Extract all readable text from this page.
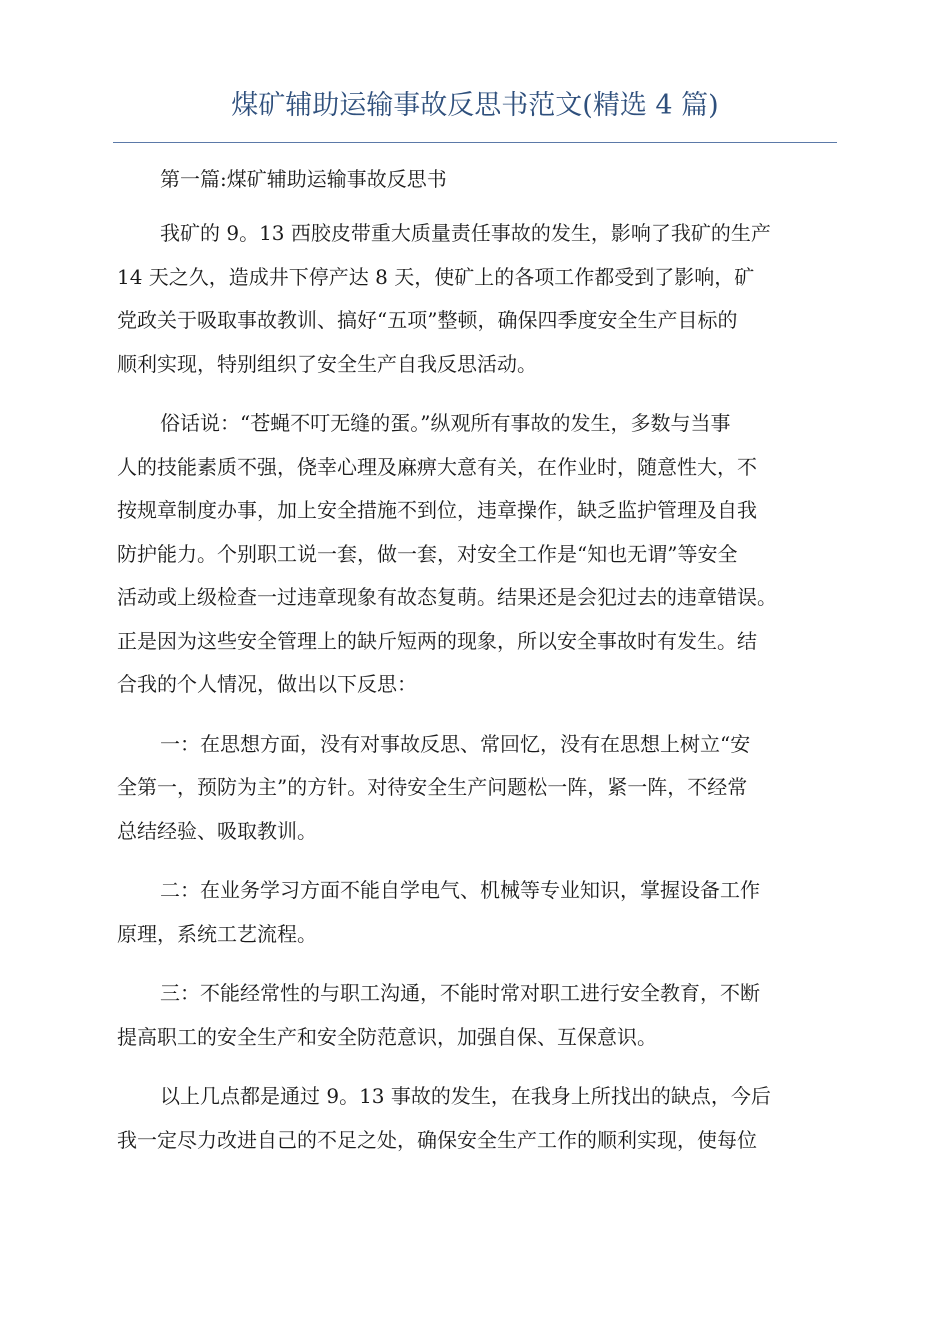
煤矿辅助运输事故反思书范文(精选 4 篇)
第一篇:煤矿辅助运输事故反思书

我矿的 9。13 西胶皮带重大质量责任事故的发生，影响了我矿的生产
14 天之久，造成井下停产达 8 天，使矿上的各项工作都受到了影响，矿
党政关于吸取事故教训、搞好“五项”整顿，确保四季度安全生产目标的
顺利实现，特别组织了安全生产自我反思活动。

俗话说：“苍蝇不叮无缝的蛋。”纵观所有事故的发生，多数与当事
人的技能素质不强，侥幸心理及麻痹大意有关，在作业时，随意性大，不
按规章制度办事，加上安全措施不到位，违章操作，缺乏监护管理及自我
防护能力。个别职工说一套，做一套，对安全工作是“知也无谓”等安全
活动或上级检查一过违章现象有故态复萌。结果还是会犯过去的违章错误。
正是因为这些安全管理上的缺斤短两的现象，所以安全事故时有发生。结
合我的个人情况，做出以下反思：

一：在思想方面，没有对事故反思、常回忆，没有在思想上树立“安
全第一，预防为主”的方针。对待安全生产问题松一阵，紧一阵，不经常
总结经验、吸取教训。

二：在业务学习方面不能自学电气、机械等专业知识，掌握设备工作
原理，系统工艺流程。

三：不能经常性的与职工沟通，不能时常对职工进行安全教育，不断
提高职工的安全生产和安全防范意识，加强自保、互保意识。

以上几点都是通过 9。13 事故的发生，在我身上所找出的缺点，今后
我一定尽力改进自己的不足之处，确保安全生产工作的顺利实现，使每位
